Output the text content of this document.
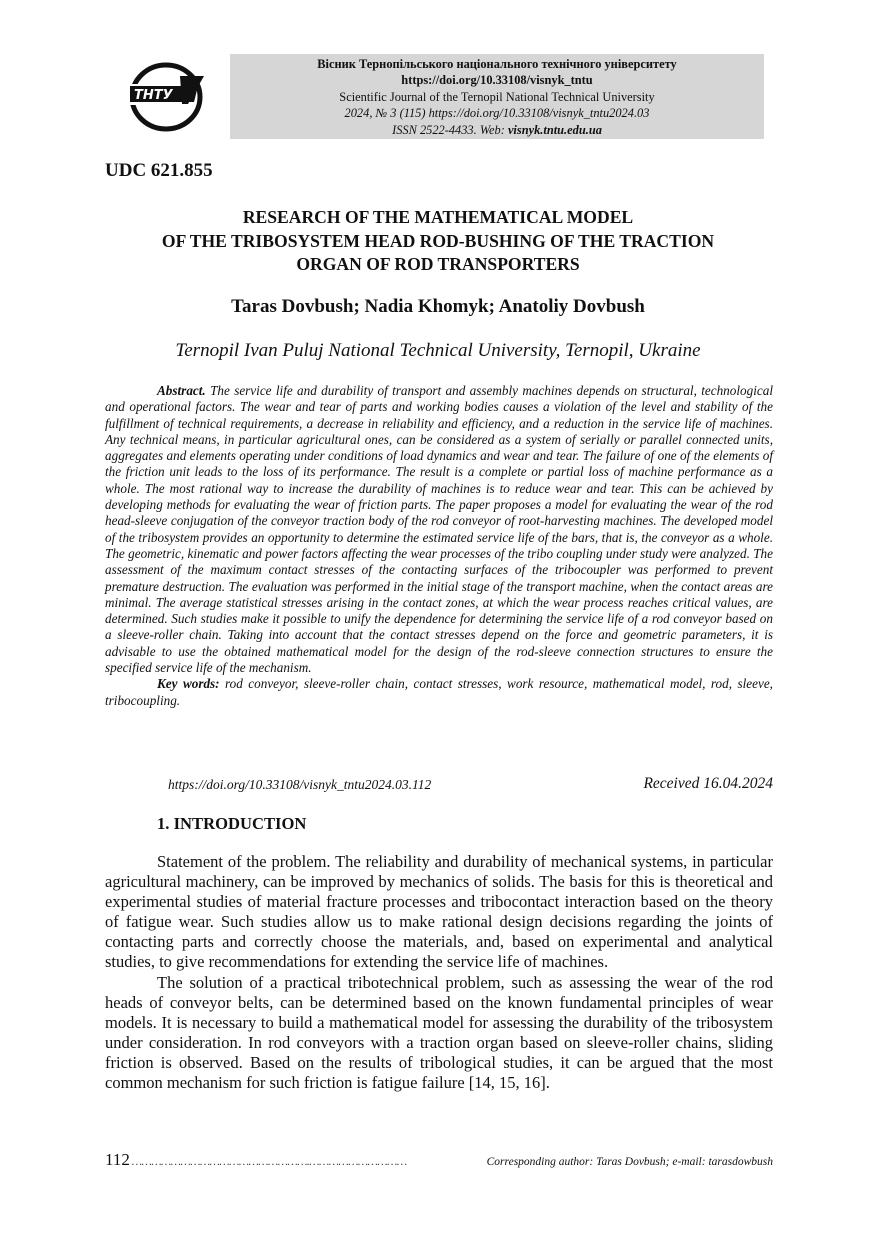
ТНТУ
Вісник Тернопільського національного технічного університету
https://doi.org/10.33108/visnyk_tntu
Scientific Journal of the Ternopil National Technical University
2024, № 3 (115) https://doi.org/10.33108/visnyk_tntu2024.03
ISSN 2522-4433. Web: visnyk.tntu.edu.ua
UDC 621.855
RESEARCH OF THE MATHEMATICAL MODEL
OF THE TRIBOSYSTEM HEAD ROD-BUSHING OF THE TRACTION
ORGAN OF ROD TRANSPORTERS
Taras Dovbush; Nadia Khomyk; Anatoliy Dovbush
Ternopil Ivan Puluj National Technical University, Ternopil, Ukraine

Abstract. The service life and durability of transport and assembly machines depends on structural, technological and operational factors. The wear and tear of parts and working bodies causes a violation of the level and stability of the fulfillment of technical requirements, a decrease in reliability and efficiency, and a reduction in the service life of machines. Any technical means, in particular agricultural ones, can be considered as a system of serially or parallel connected units, aggregates and elements operating under conditions of load dynamics and wear and tear. The failure of one of the elements of the friction unit leads to the loss of its performance. The result is a complete or partial loss of machine performance as a whole. The most rational way to increase the durability of machines is to reduce wear and tear. This can be achieved by developing methods for evaluating the wear of friction parts. The paper proposes a model for evaluating the wear of the rod head-sleeve conjugation of the conveyor traction body of the rod conveyor of root-harvesting machines. The developed model of the tribosystem provides an opportunity to determine the estimated service life of the bars, that is, the conveyor as a whole. The geometric, kinematic and power factors affecting the wear processes of the tribo coupling under study were analyzed. The assessment of the maximum contact stresses of the contacting surfaces of the tribocoupler was performed to prevent premature destruction. The evaluation was performed in the initial stage of the transport machine, when the contact areas are minimal. The average statistical stresses arising in the contact zones, at which the wear process reaches critical values, are determined. Such studies make it possible to unify the dependence for determining the service life of a rod conveyor based on a sleeve-roller chain. Taking into account that the contact stresses depend on the force and geometric parameters, it is advisable to use the obtained mathematical model for the design of the rod-sleeve connection structures to ensure the specified service life of the mechanism.

Key words: rod conveyor, sleeve-roller chain, contact stresses, work resource, mathematical model, rod, sleeve, tribocoupling.

https://doi.org/10.33108/visnyk_tntu2024.03.112	Received 16.04.2024
1. INTRODUCTION

Statement of the problem. The reliability and durability of mechanical systems, in particular agricultural machinery, can be improved by mechanics of solids. The basis for this is theoretical and experimental studies of material fracture processes and tribocontact interaction based on the theory of fatigue wear. Such studies allow us to make rational design decisions regarding the joints of contacting parts and correctly choose the materials, and, based on experimental and analytical studies, to give recommendations for extending the service life of machines.

The solution of a practical tribotechnical problem, such as assessing the wear of the rod heads of conveyor belts, can be determined based on the known fundamental principles of wear models. It is necessary to build a mathematical model for assessing the durability of the tribosystem under consideration. In rod conveyors with a traction organ based on sleeve-roller chains, sliding friction is observed. Based on the results of tribological studies, it can be argued that the most common mechanism for such friction is fatigue failure [14, 15, 16].

112 ……………………………………………….…………………………	Corresponding author: Taras Dovbush; e-mail: tarasdowbush
